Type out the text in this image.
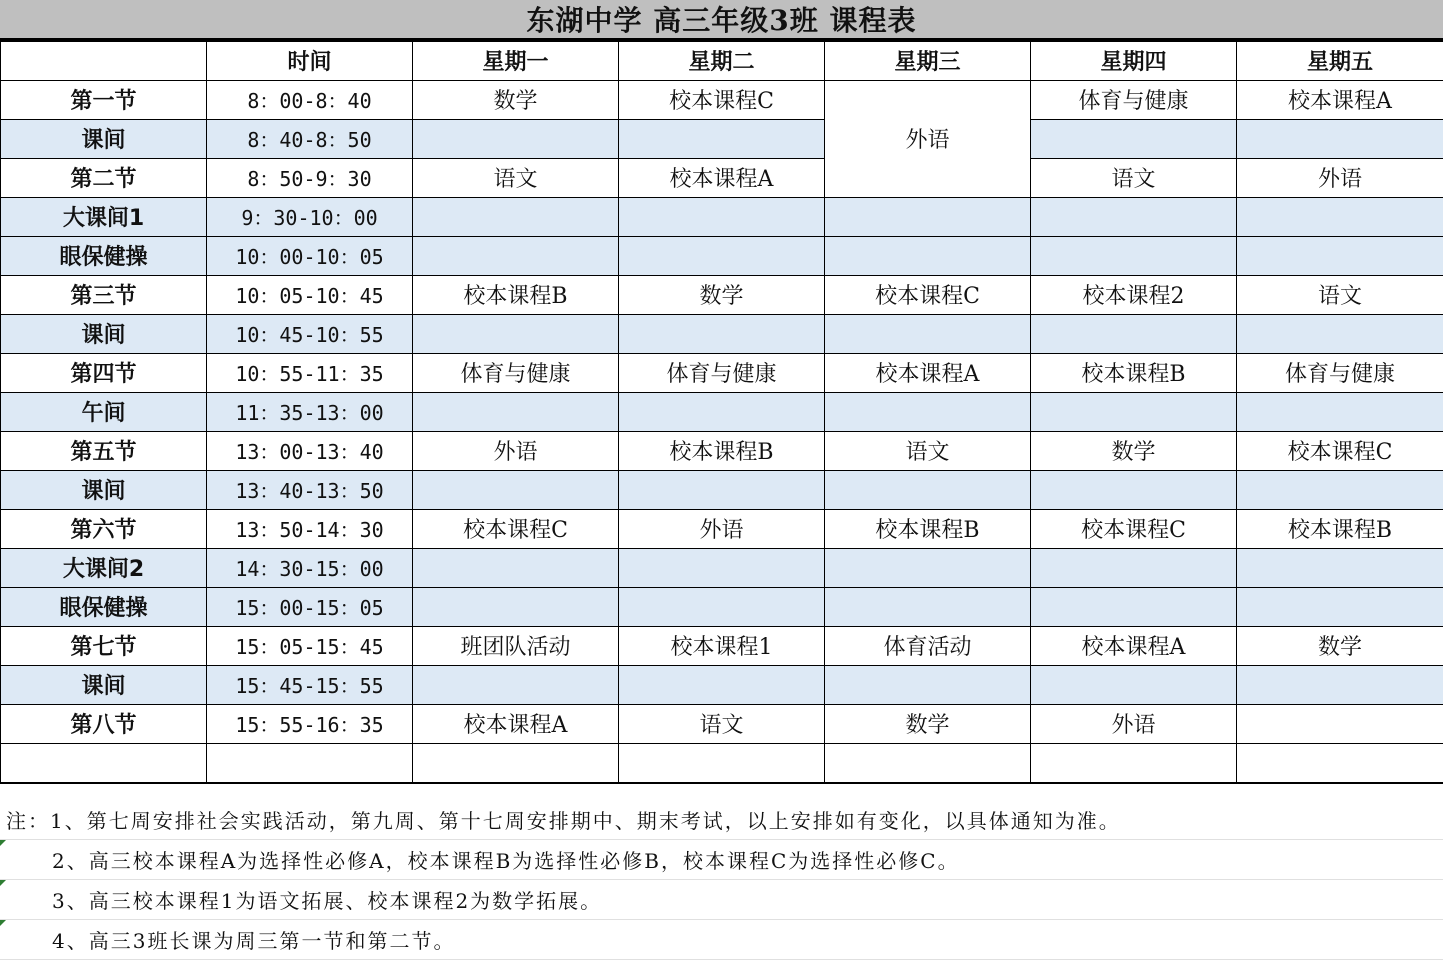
东湖中学 高三年级3班 课程表
	时间	星期一	星期二	星期三	星期四	星期五
第一节	8：00-8：40	数学	校本课程C	外语	体育与健康	校本课程A
课间	8：40-8：50					
第二节	8：50-9：30	语文	校本课程A		语文	外语
大课间1	9：30-10：00					
眼保健操	10：00-10：05					
第三节	10：05-10：45	校本课程B	数学	校本课程C	校本课程2	语文
课间	10：45-10：55					
第四节	10：55-11：35	体育与健康	体育与健康	校本课程A	校本课程B	体育与健康
午间	11：35-13：00					
第五节	13：00-13：40	外语	校本课程B	语文	数学	校本课程C
课间	13：40-13：50					
第六节	13：50-14：30	校本课程C	外语	校本课程B	校本课程C	校本课程B
大课间2	14：30-15：00					
眼保健操	15：00-15：05					
第七节	15：05-15：45	班团队活动	校本课程1	体育活动	校本课程A	数学
课间	15：45-15：55					
第八节	15：55-16：35	校本课程A	语文	数学	外语	

注：1、第七周安排社会实践活动，第九周、第十七周安排期中、期末考试，以上安排如有变化，以具体通知为准。
2、高三校本课程A为选择性必修A，校本课程B为选择性必修B，校本课程C为选择性必修C。
3、高三校本课程1为语文拓展、校本课程2为数学拓展。
4、高三3班长课为周三第一节和第二节。
